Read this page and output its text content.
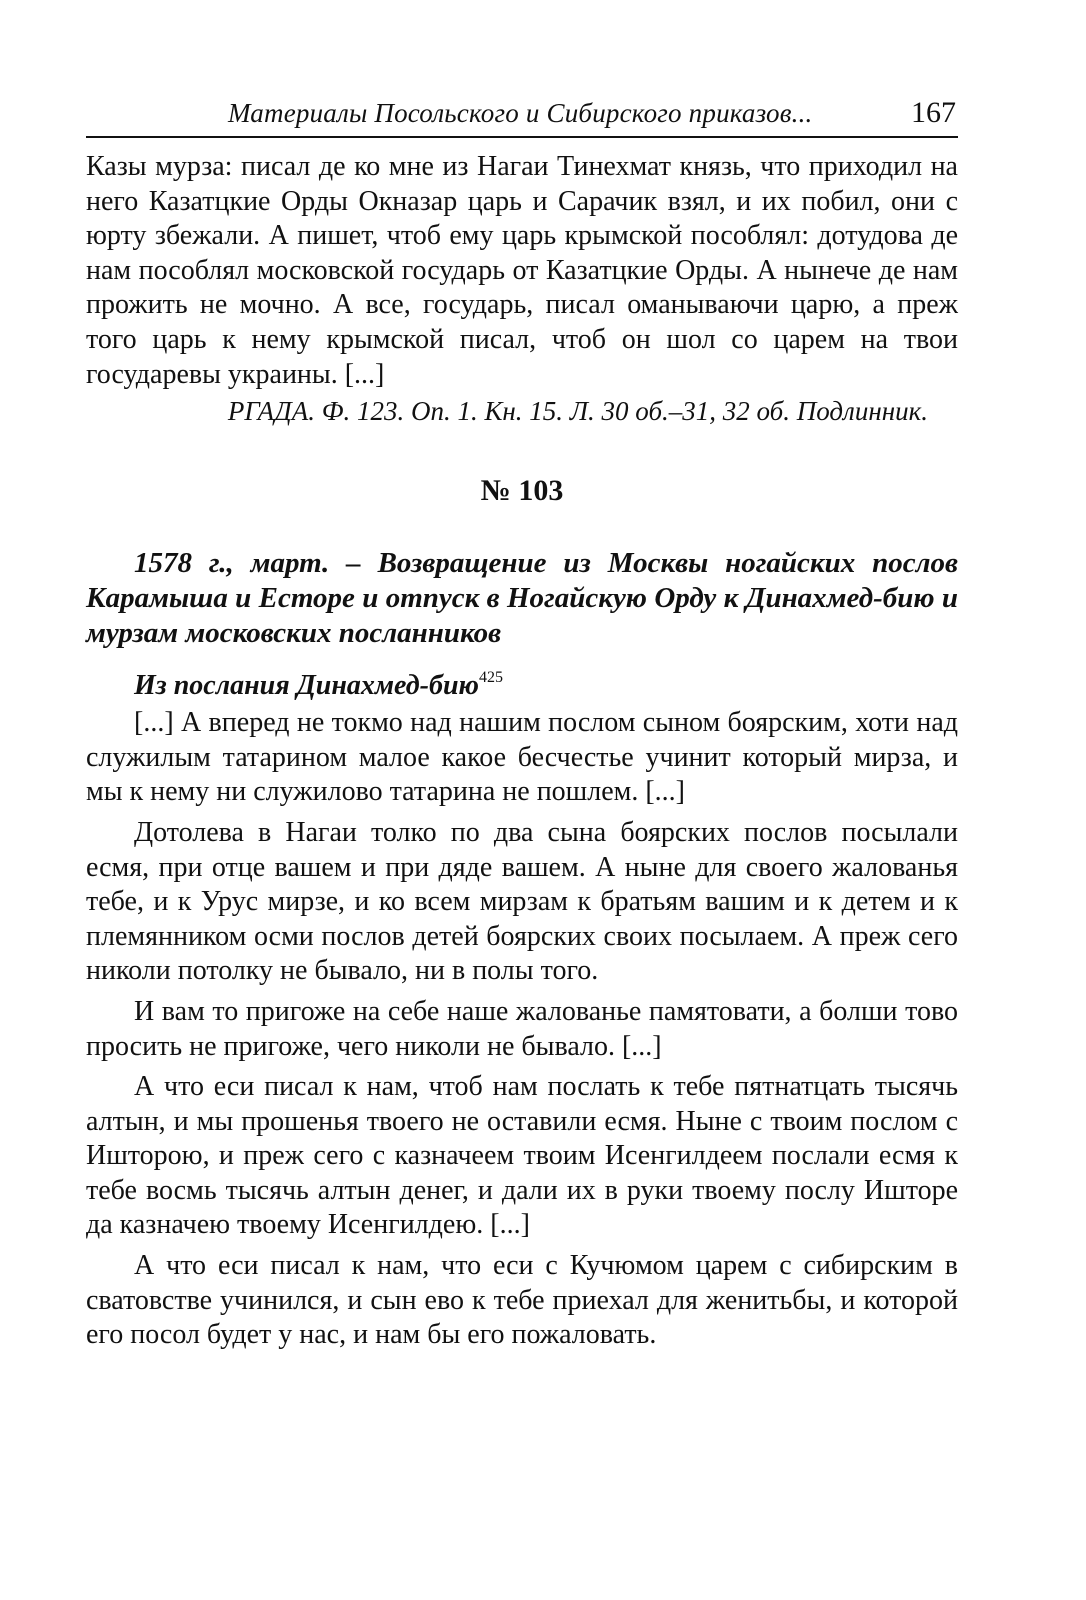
Материалы Посольского и Сибирского приказов...	167

Казы мурза: писал де ко мне из Нагаи Тинехмат князь, что приходил на него Казатцкие Орды Окназар царь и Сарачик взял, и их побил, они с юрту збежали. А пишет, чтоб ему царь крымской пособлял: дотудова де нам пособлял московской государь от Казатцкие Орды. А нынече де нам прожить не мочно. А все, государь, писал оманываючи царю, а преж того царь к нему крымской писал, чтоб он шол со царем на твои государевы украины. [...]

РГАДА. Ф. 123. Оп. 1. Кн. 15. Л. 30 об.–31, 32 об. Подлинник.

№ 103

1578 г., март. – Возвращение из Москвы ногайских послов Карамыша и Есторе и отпуск в Ногайскую Орду к Динахмед-бию и мурзам московских посланников

Из послания Динахмед-бию$^{425}$

[...] А вперед не токмо над нашим послом сыном боярским, хоти над служилым татарином малое какое бесчестье учинит который мирза, и мы к нему ни служилово татарина не пошлем. [...]

Дотолева в Нагаи толко по два сына боярских послов посылали есмя, при отце вашем и при дяде вашем. А ныне для своего жалованья тебе, и к Урус мирзе, и ко всем мирзам к братьям вашим и к детем и к племянником осми послов детей боярских своих посылаем. А преж сего николи потолку не бывало, ни в полы того.

И вам то пригоже на себе наше жалованье памятовати, а болши тово просить не пригоже, чего николи не бывало. [...]

А что еси писал к нам, чтоб нам послать к тебе пятнатцать тысячь алтын, и мы прошенья твоего не оставили есмя. Ныне с твоим послом с Ишторою, и преж сего с казначеем твоим Исенгилдеем послали есмя к тебе восмь тысячь алтын денег, и дали их в руки твоему послу Ишторе да казначею твоему Исенгилдею. [...]

А что еси писал к нам, что еси с Кучюмом царем с сибирским в сватовстве учинился, и сын ево к тебе приехал для женитьбы, и которой его посол будет у нас, и нам бы его пожаловать.
